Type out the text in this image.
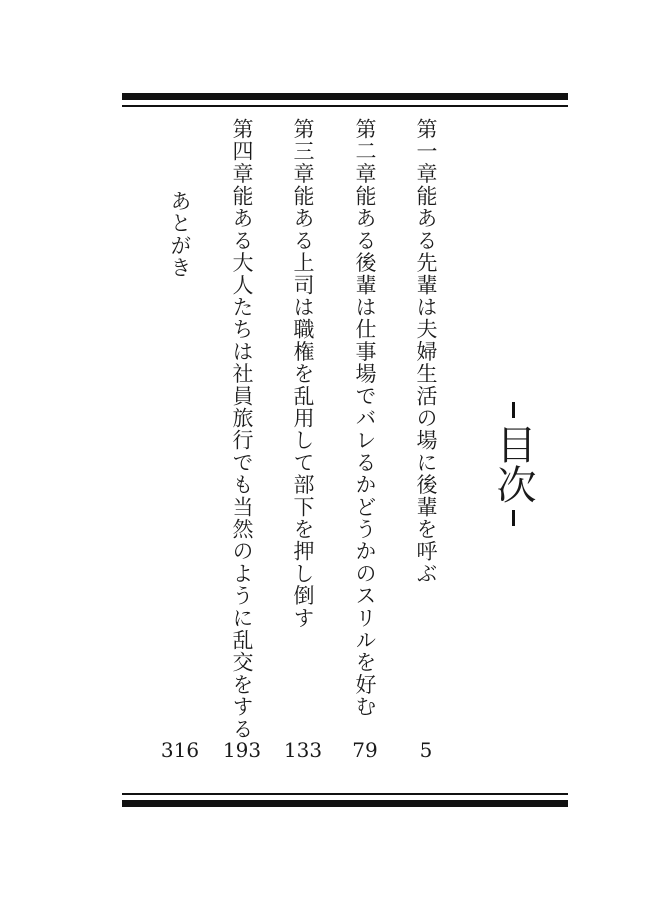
目次
第一章
能ある先輩は夫婦生活の場に後輩を呼ぶ
5
第二章
能ある後輩は仕事場でバレるかどうかのスリルを好む
79
第三章
能ある上司は職権を乱用して部下を押し倒す
133
第四章
能ある大人たちは社員旅行でも当然のように乱交をする
193
あとがき
316
